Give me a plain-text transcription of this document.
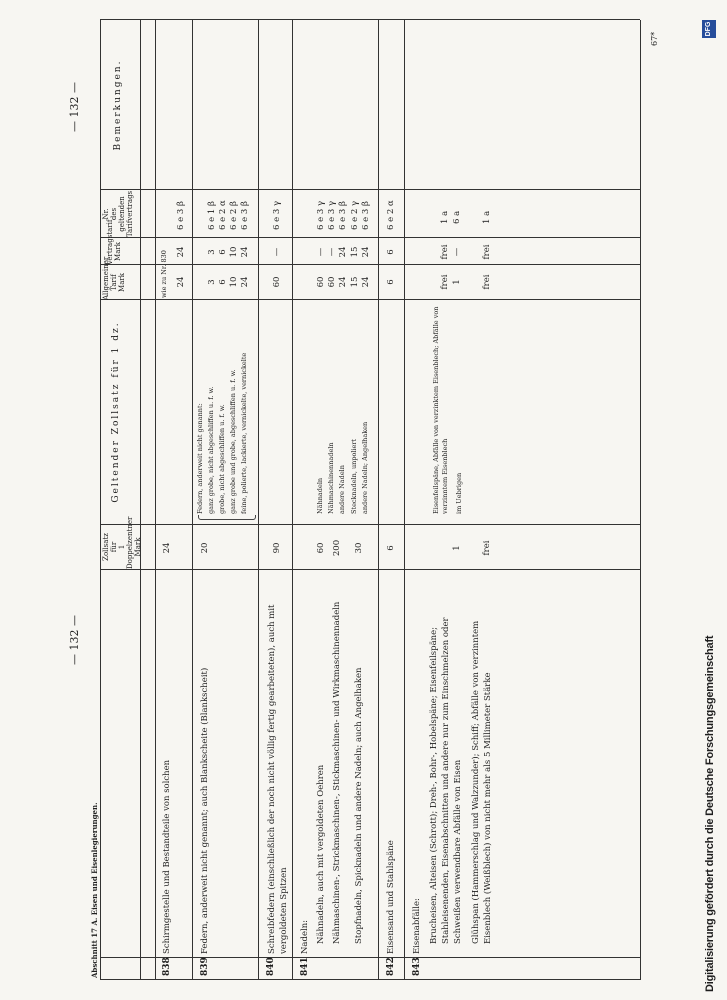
Abschnitt 17 A. Eisen und Eisenlegierungen.
— 132 —
— 132 —
67*
Digitalisierung gefördert durch die Deutsche Forschungsgemeinschaft
DFG
Zollsatz für 1 Doppelzentner Mark
Geltender Zollsatz für 1 dz.
Allgemeiner Tarif Mark
Vertragstarif Mark
Nr. des geltenden Tarifvertrags
Bemerkungen.
838
Schirmgestelle und Bestandteile von solchen
24
wie zu Nr. 830 24
24
6 e 3 β
839
Federn, anderweit nicht genannt; auch Blankscheite (Blankscheit)
20
Federn, anderweit nicht genannt: ganz grobe, nicht abgeschliffen u. f. w. grobe, nicht abgeschliffen u. f. w. ganz grobe und grobe, abgeschliffen u. f. w. feine, polierte, lackierte, vernickelte, vernickelte
3
3
6 e 1 β
6
6
6 e 2 α
10
10
6 e 2 β
24
24
6 e 3 β
840
Schreibfedern (einschließlich der noch nicht völlig fertig gearbeiteten), auch mit vergoldeten Spitzen
90
60
—
6 e 3 γ
841
Nadeln: Nähnadeln, auch mit vergoldeten Oehren
60
Nähmaschinen-, Strickmaschinen-, Stickmaschinen- und Wirkmaschinennadeln
200
Stopfnadeln, Spicknadeln und andere Nadeln; auch Angelhaken
30
Nähnadeln Nähmaschinennadeln andere Nadeln Stecknadeln, unpoliert andere Nadeln; Angelhaken
60
—
6 e 3 γ
60
—
6 e 3 γ
24
24
6 e 3 β
15
15
6 e 2 γ
24
24
6 e 3 β
842
Eisensand und Stahlspäne
6
6
6
6 e 2 α
843
Eisenabfälle: Brucheisen, Alteisen (Schrott); Dreh-, Bohr-, Hobelspäne; Eisenfeilspäne; Stahleisenenden, Eisenabschnitten und andere nur zum Einschmelzen oder Schweißen verwendbare Abfälle von Eisen
1
Glühspan (Hammerschlag und Walzzunder); Schiff; Abfälle von verzinntem Eisenblech (Weißblech) von nicht mehr als 5 Millimeter Stärke
frei
Eisenfeilspäne, Abfälle von verzinktem Eisenblech; Abfälle von verzinntem Eisenblech im Uebrigen
frei
frei
1 a
1
—
6 a
frei
frei
1 a
